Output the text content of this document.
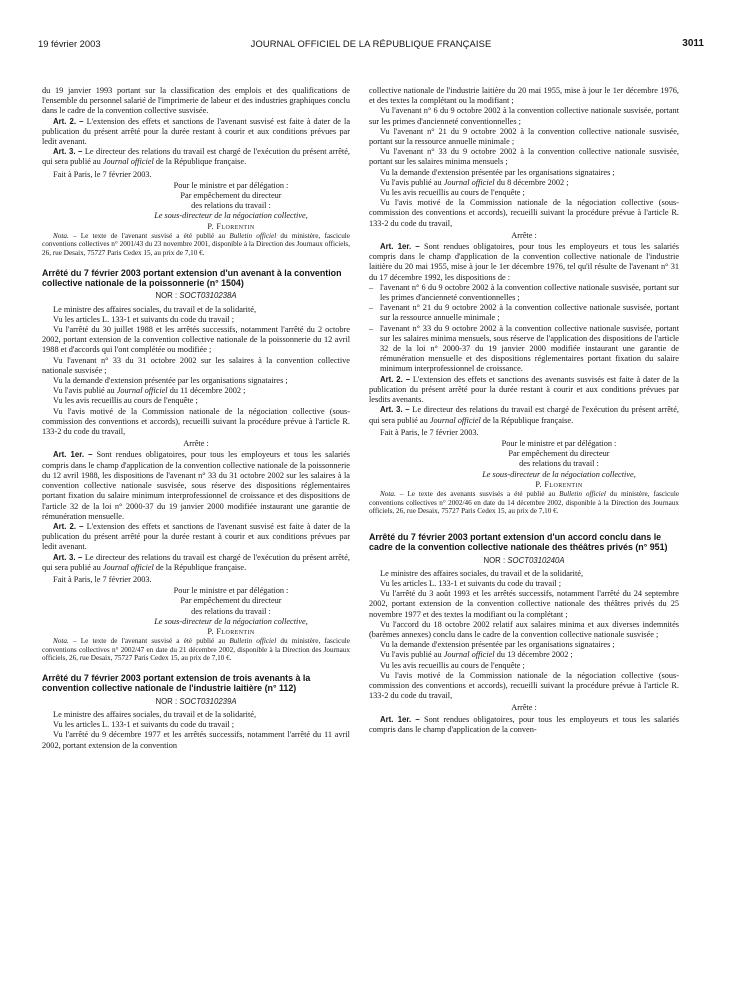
19 février 2003	JOURNAL OFFICIEL DE LA RÉPUBLIQUE FRANÇAISE	3011

du 19 janvier 1993 portant sur la classification des emplois et des qualifications de l'ensemble du personnel salarié de l'imprimerie de labeur et des industries graphiques conclu dans le cadre de la convention collective susvisée.

Art. 2. – L'extension des effets et sanctions de l'avenant susvisé est faite à dater de la publication du présent arrêté pour la durée restant à courir et aux conditions prévues par ledit avenant.

Art. 3. – Le directeur des relations du travail est chargé de l'exécution du présent arrêté, qui sera publié au Journal officiel de la République française.

Fait à Paris, le 7 février 2003.

Pour le ministre et par délégation :
Par empêchement du directeur
des relations du travail :
Le sous-directeur de la négociation collective,
P. Florentin

Nota. – Le texte de l'avenant susvisé a été publié au Bulletin officiel du ministère, fascicule conventions collectives n° 2001/43 du 23 novembre 2001, disponible à la Direction des Journaux officiels, 26, rue Desaix, 75727 Paris Cedex 15, au prix de 7,10 €.

Arrêté du 7 février 2003 portant extension d'un avenant à la convention collective nationale de la poissonnerie (n° 1504)

NOR : SOCT0310238A

Le ministre des affaires sociales, du travail et de la solidarité,

Vu les articles L. 133-1 et suivants du code du travail ;

Vu l'arrêté du 30 juillet 1988 et les arrêtés successifs, notamment l'arrêté du 2 octobre 2002, portant extension de la convention collective nationale de la poissonnerie du 12 avril 1988 et d'accords qui l'ont complétée ou modifiée ;

Vu l'avenant n° 33 du 31 octobre 2002 sur les salaires à la convention collective nationale susvisée ;

Vu la demande d'extension présentée par les organisations signataires ;

Vu l'avis publié au Journal officiel du 11 décembre 2002 ;

Vu les avis recueillis au cours de l'enquête ;

Vu l'avis motivé de la Commission nationale de la négociation collective (sous-commission des conventions et accords), recueilli suivant la procédure prévue à l'article R. 133-2 du code du travail,

Arrête :

Art. 1er. – Sont rendues obligatoires, pour tous les employeurs et tous les salariés compris dans le champ d'application de la convention collective nationale de la poissonnerie du 12 avril 1988, les dispositions de l'avenant n° 33 du 31 octobre 2002 sur les salaires à la convention collective nationale susvisée, sous réserve des dispositions réglementaires portant fixation du salaire minimum interprofessionnel de croissance et des dispositions de l'article 32 de la loi n° 2000-37 du 19 janvier 2000 modifiée instaurant une garantie de rémunération mensuelle.

Art. 2. – L'extension des effets et sanctions de l'avenant susvisé est faite à dater de la publication du présent arrêté pour la durée restant à courir et aux conditions prévues par ledit avenant.

Art. 3. – Le directeur des relations du travail est chargé de l'exécution du présent arrêté, qui sera publié au Journal officiel de la République française.

Fait à Paris, le 7 février 2003.

Pour le ministre et par délégation :
Par empêchement du directeur
des relations du travail :
Le sous-directeur de la négociation collective,
P. Florentin

Nota. – Le texte de l'avenant susvisé a été publié au Bulletin officiel du ministère, fascicule conventions collectives n° 2002/47 en date du 21 décembre 2002, disponible à la Direction des Journaux officiels, 26, rue Desaix, 75727 Paris Cedex 15, au prix de 7,10 €.

Arrêté du 7 février 2003 portant extension de trois avenants à la convention collective nationale de l'industrie laitière (n° 112)

NOR : SOCT0310239A

Le ministre des affaires sociales, du travail et de la solidarité,

Vu les articles L. 133-1 et suivants du code du travail ;

Vu l'arrêté du 9 décembre 1977 et les arrêtés successifs, notamment l'arrêté du 11 avril 2002, portant extension de la convention

collective nationale de l'industrie laitière du 20 mai 1955, mise à jour le 1er décembre 1976, et des textes la complétant ou la modifiant ;

Vu l'avenant n° 6 du 9 octobre 2002 à la convention collective nationale susvisée, portant sur les primes d'ancienneté conventionnelles ;

Vu l'avenant n° 21 du 9 octobre 2002 à la convention collective nationale susvisée, portant sur la ressource annuelle minimale ;

Vu l'avenant n° 33 du 9 octobre 2002 à la convention collective nationale susvisée, portant sur les salaires minima mensuels ;

Vu la demande d'extension présentée par les organisations signataires ;

Vu l'avis publié au Journal officiel du 8 décembre 2002 ;

Vu les avis recueillis au cours de l'enquête ;

Vu l'avis motivé de la Commission nationale de la négociation collective (sous-commission des conventions et accords), recueilli suivant la procédure prévue à l'article R. 133-2 du code du travail,

Arrête :

Art. 1er. – Sont rendues obligatoires, pour tous les employeurs et tous les salariés compris dans le champ d'application de la convention collective nationale de l'industrie laitière du 20 mai 1955, mise à jour le 1er décembre 1976, tel qu'il résulte de l'avenant n° 31 du 17 décembre 1992, les dispositions de :

– l'avenant n° 6 du 9 octobre 2002 à la convention collective nationale susvisée, portant sur les primes d'ancienneté conventionnelles ;
– l'avenant n° 21 du 9 octobre 2002 à la convention collective nationale susvisée, portant sur la ressource annuelle minimale ;
– l'avenant n° 33 du 9 octobre 2002 à la convention collective nationale susvisée, portant sur les salaires minima mensuels, sous réserve de l'application des dispositions de l'article 32 de la loi n° 2000-37 du 19 janvier 2000 modifiée instaurant une garantie de rémunération mensuelle et des dispositions réglementaires portant fixation du salaire minimum interprofessionnel de croissance.

Art. 2. – L'extension des effets et sanctions des avenants susvisés est faite à dater de la publication du présent arrêté pour la durée restant à courir et aux conditions prévues par lesdits avenants.

Art. 3. – Le directeur des relations du travail est chargé de l'exécution du présent arrêté, qui sera publié au Journal officiel de la République française.

Fait à Paris, le 7 février 2003.

Pour le ministre et par délégation :
Par empêchement du directeur
des relations du travail :
Le sous-directeur de la négociation collective,
P. Florentin

Nota. – Le texte des avenants susvisés a été publié au Bulletin officiel du ministère, fascicule conventions collectives n° 2002/46 en date du 14 décembre 2002, disponible à la Direction des Journaux officiels, 26, rue Desaix, 75727 Paris Cedex 15, au prix de 7,10 €.

Arrêté du 7 février 2003 portant extension d'un accord conclu dans le cadre de la convention collective nationale des théâtres privés (n° 951)

NOR : SOCT0310240A

Le ministre des affaires sociales, du travail et de la solidarité,

Vu les articles L. 133-1 et suivants du code du travail ;

Vu l'arrêté du 3 août 1993 et les arrêtés successifs, notamment l'arrêté du 24 septembre 2002, portant extension de la convention collective nationale des théâtres privés du 25 novembre 1977 et des textes la modifiant ou la complétant ;

Vu l'accord du 18 octobre 2002 relatif aux salaires minima et aux diverses indemnités (barèmes annexes) conclu dans le cadre de la convention collective nationale susvisée ;

Vu la demande d'extension présentée par les organisations signataires ;

Vu l'avis publié au Journal officiel du 13 décembre 2002 ;

Vu les avis recueillis au cours de l'enquête ;

Vu l'avis motivé de la Commission nationale de la négociation collective (sous-commission des conventions et accords), recueilli suivant la procédure prévue à l'article R. 133-2 du code du travail,

Arrête :

Art. 1er. – Sont rendues obligatoires, pour tous les employeurs et tous les salariés compris dans le champ d'application de la conven-
